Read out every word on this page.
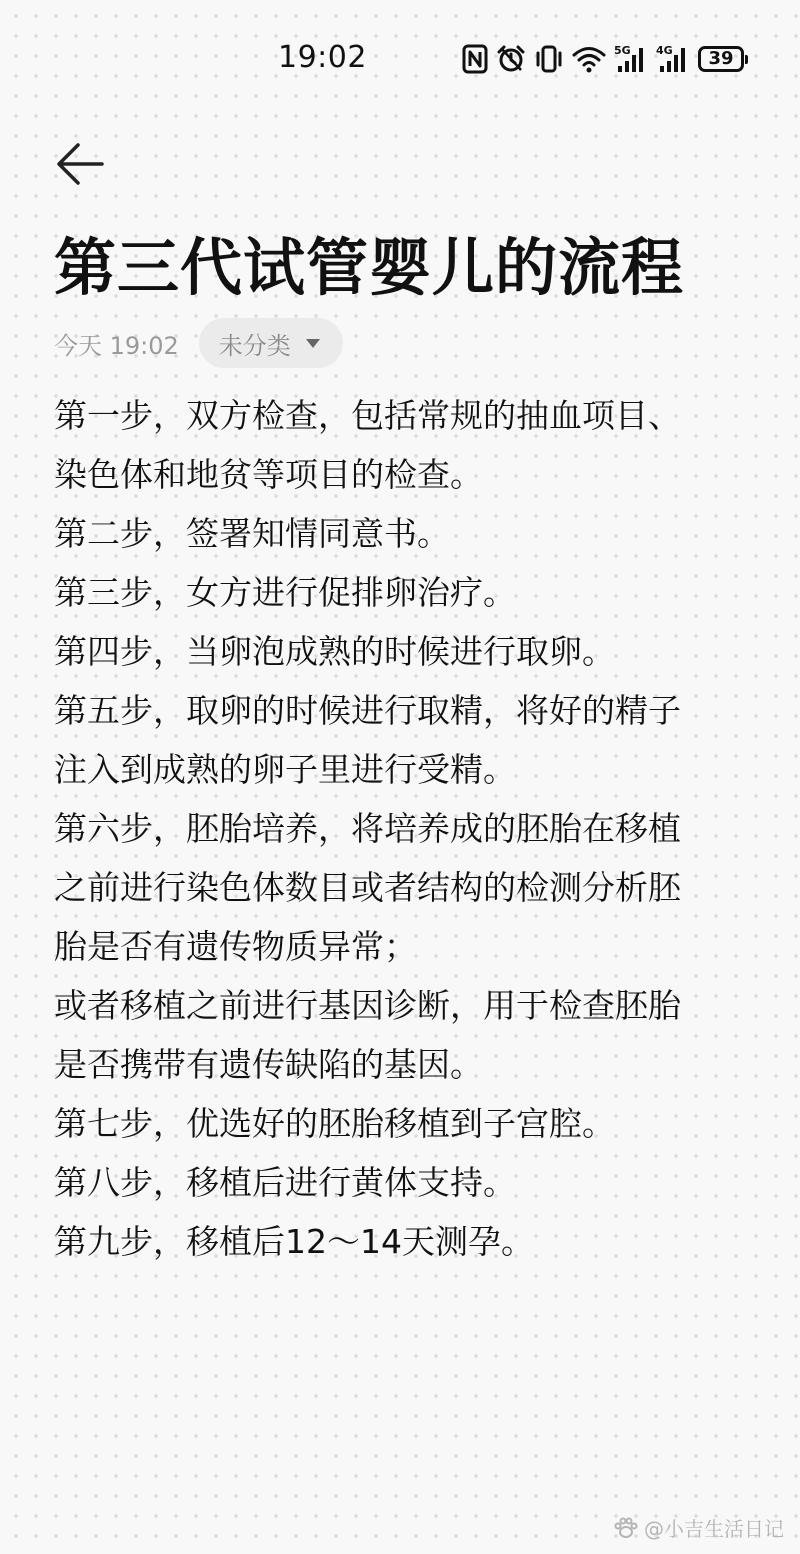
19:02	5G 4G 39
第三代试管婴儿的流程
今天 19:02 未分类
第一步，双方检查，包括常规的抽血项目、
染色体和地贫等项目的检查。
第二步，签署知情同意书。
第三步，女方进行促排卵治疗。
第四步，当卵泡成熟的时候进行取卵。
第五步，取卵的时候进行取精，将好的精子
注入到成熟的卵子里进行受精。
第六步，胚胎培养，将培养成的胚胎在移植
之前进行染色体数目或者结构的检测分析胚
胎是否有遗传物质异常；
或者移植之前进行基因诊断，用于检查胚胎
是否携带有遗传缺陷的基因。
第七步，优选好的胚胎移植到子宫腔。
第八步，移植后进行黄体支持。
第九步，移植后12～14天测孕。
@小吉生活日记
